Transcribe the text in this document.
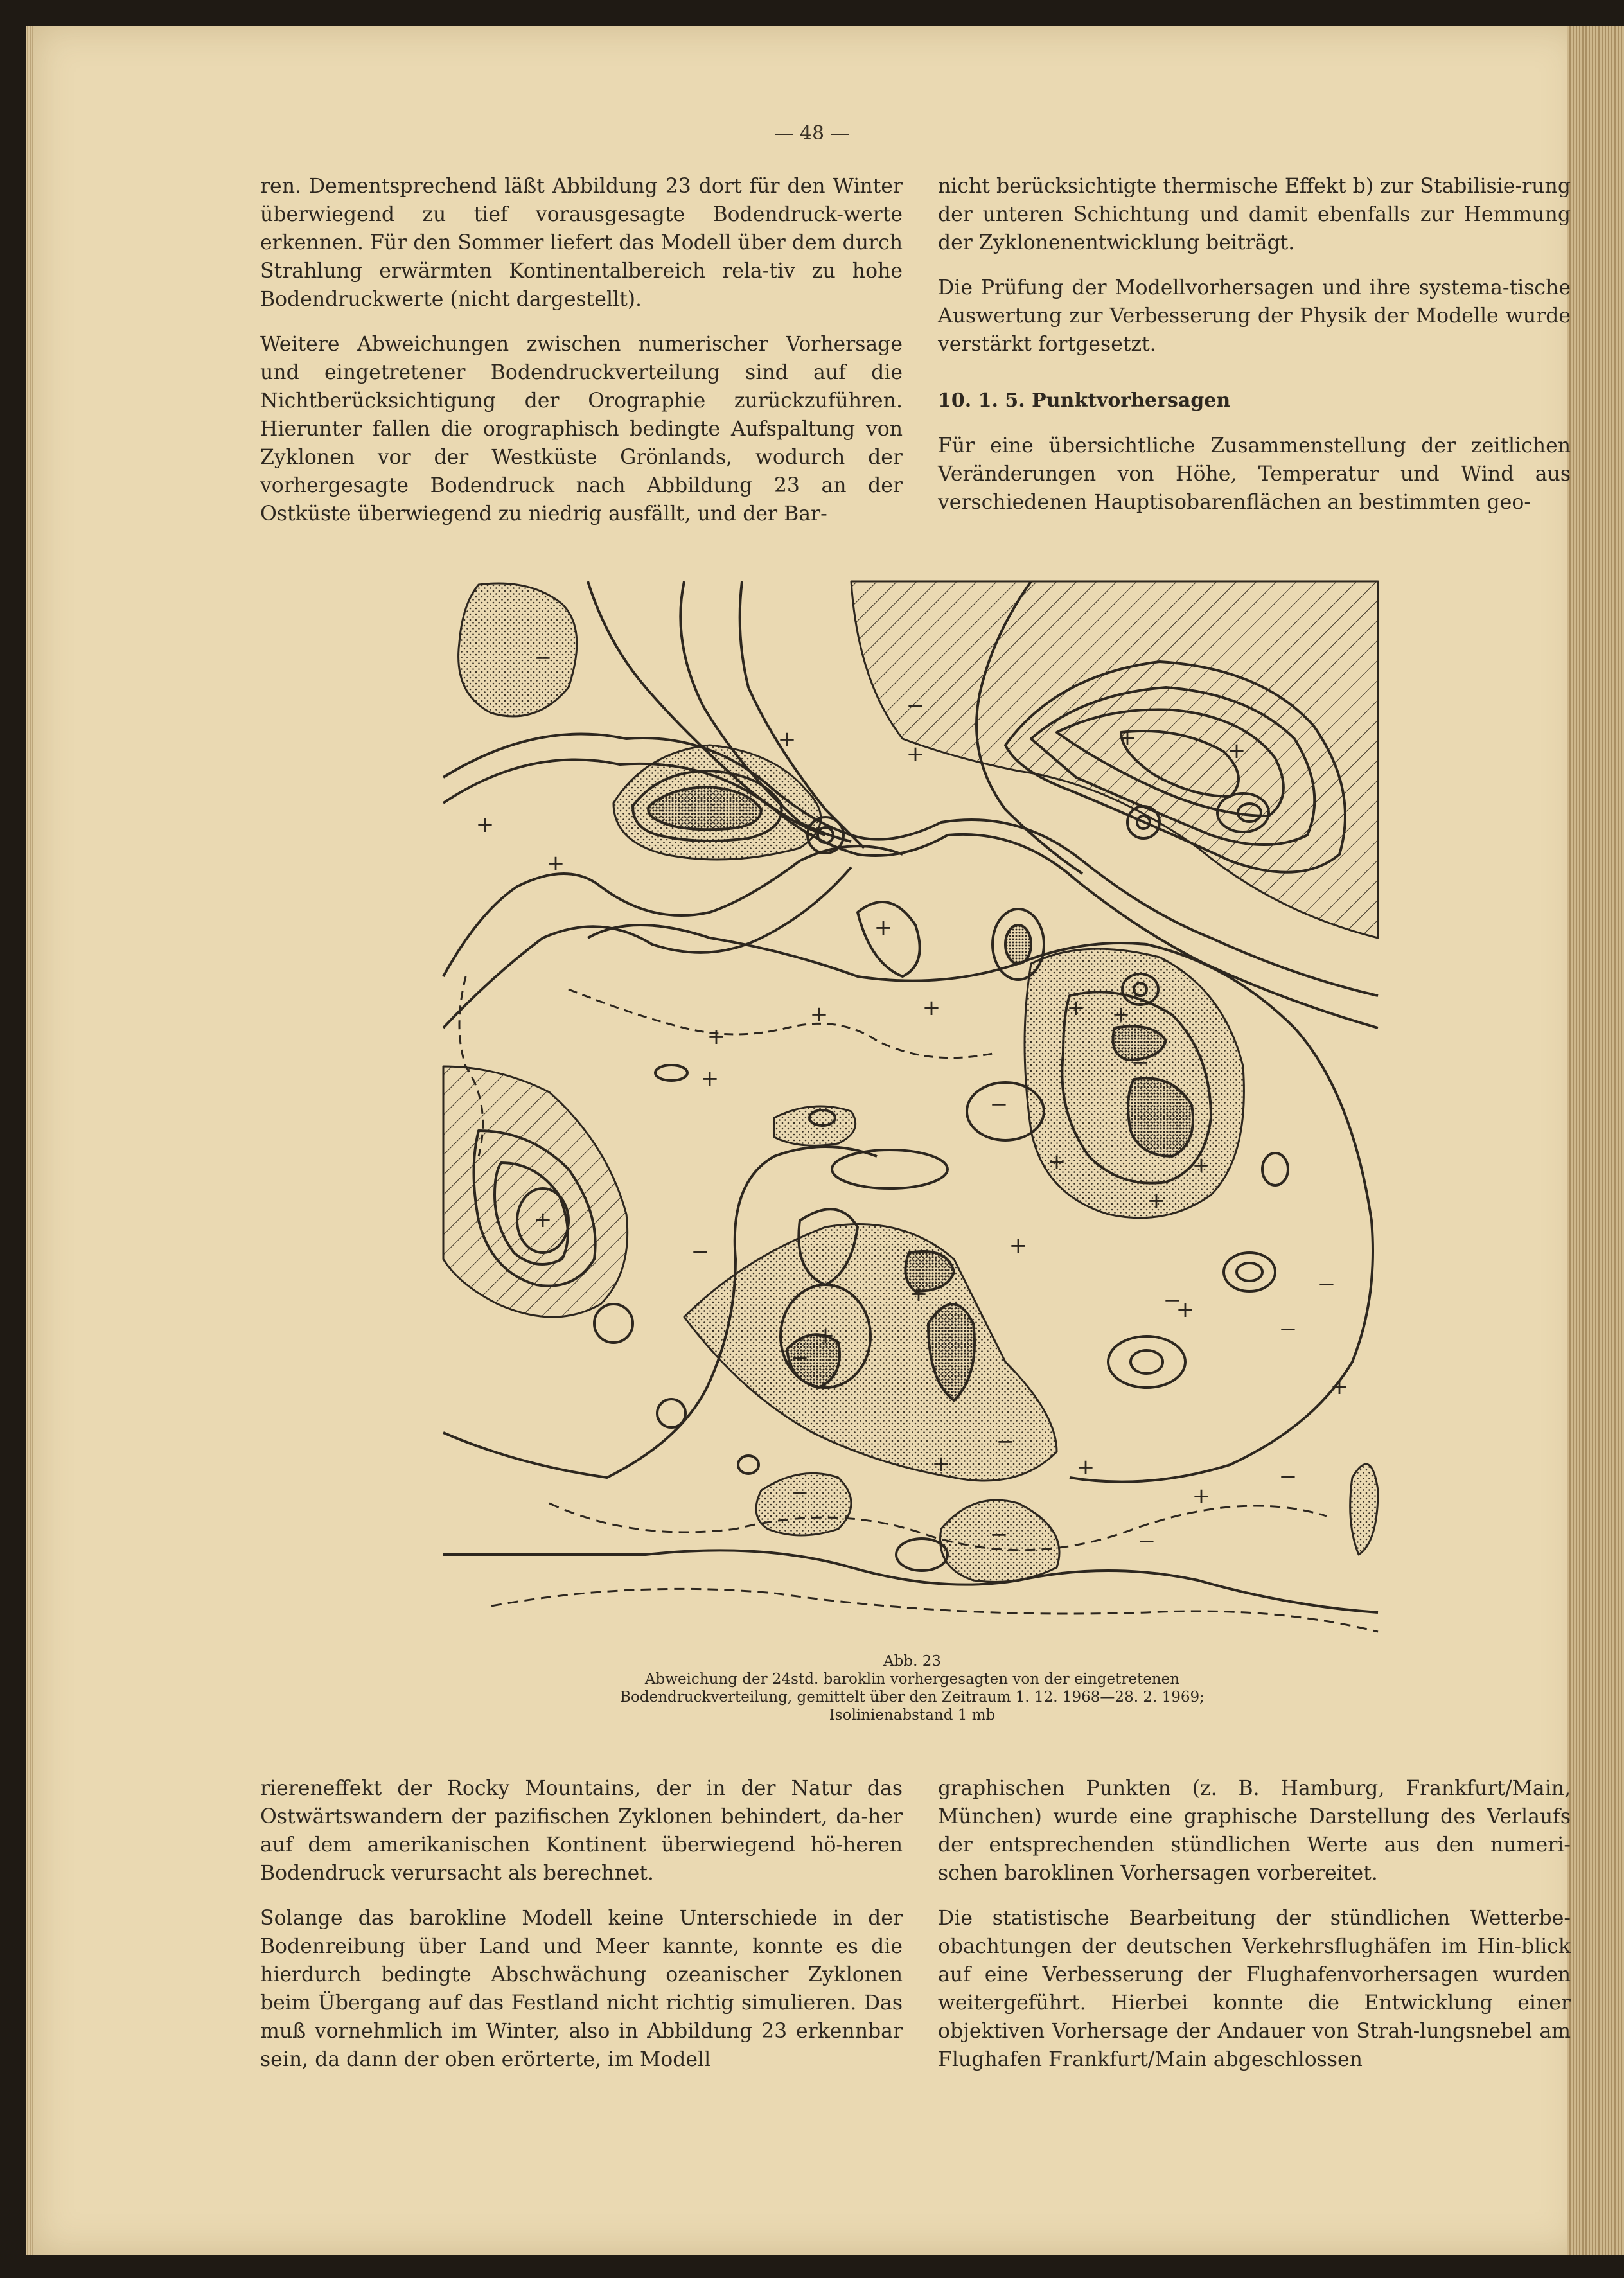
— 48 —

ren. Dementsprechend läßt Abbildung 23 dort für den Winter überwiegend zu tief vorausgesagte Bodendruck-werte erkennen. Für den Sommer liefert das Modell über dem durch Strahlung erwärmten Kontinentalbereich rela-tiv zu hohe Bodendruckwerte (nicht dargestellt).

Weitere Abweichungen zwischen numerischer Vorhersage und eingetretener Bodendruckverteilung sind auf die Nichtberücksichtigung der Orographie zurückzuführen. Hierunter fallen die orographisch bedingte Aufspaltung von Zyklonen vor der Westküste Grönlands, wodurch der vorhergesagte Bodendruck nach Abbildung 23 an der Ostküste überwiegend zu niedrig ausfällt, und der Bar-

nicht berücksichtigte thermische Effekt b) zur Stabilisie-rung der unteren Schichtung und damit ebenfalls zur Hemmung der Zyklonenentwicklung beiträgt.

Die Prüfung der Modellvorhersagen und ihre systema-tische Auswertung zur Verbesserung der Physik der Modelle wurde verstärkt fortgesetzt.

10. 1. 5. Punktvorhersagen

Für eine übersichtliche Zusammenstellung der zeitlichen Veränderungen von Höhe, Temperatur und Wind aus verschiedenen Hauptisobarenflächen an bestimmten geo-

−
+
+
+
−
+
−
+
+	+
+
+
+
+	+
−
+	+
+
+
−
+
+
−
+
−
−
+
+
+
−
−
−	−
+
+
−
+
−
Abb. 23
Abweichung der 24std. baroklin vorhergesagten von der eingetretenen
Bodendruckverteilung, gemittelt über den Zeitraum 1. 12. 1968—28. 2. 1969;
Isolinienabstand 1 mb

riereneffekt der Rocky Mountains, der in der Natur das Ostwärtswandern der pazifischen Zyklonen behindert, da-her auf dem amerikanischen Kontinent überwiegend hö-heren Bodendruck verursacht als berechnet.

Solange das barokline Modell keine Unterschiede in der Bodenreibung über Land und Meer kannte, konnte es die hierdurch bedingte Abschwächung ozeanischer Zyklonen beim Übergang auf das Festland nicht richtig simulieren. Das muß vornehmlich im Winter, also in Abbildung 23 erkennbar sein, da dann der oben erörterte, im Modell

graphischen Punkten (z. B. Hamburg, Frankfurt/Main, München) wurde eine graphische Darstellung des Verlaufs der entsprechenden stündlichen Werte aus den numeri-schen baroklinen Vorhersagen vorbereitet.

Die statistische Bearbeitung der stündlichen Wetterbe-obachtungen der deutschen Verkehrsflughäfen im Hin-blick auf eine Verbesserung der Flughafenvorhersagen wurden weitergeführt. Hierbei konnte die Entwicklung einer objektiven Vorhersage der Andauer von Strah-lungsnebel am Flughafen Frankfurt/Main abgeschlossen
